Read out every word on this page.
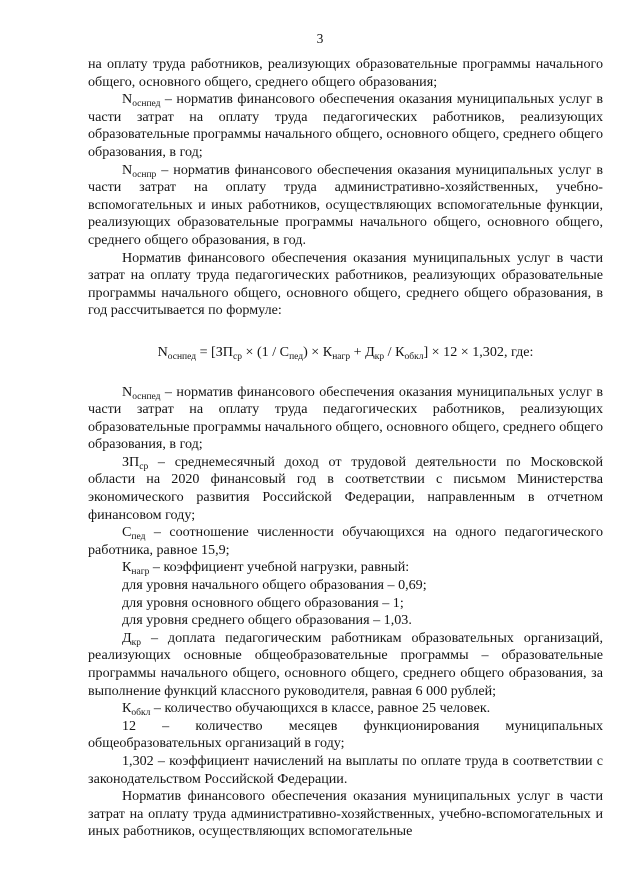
3

на оплату труда работников, реализующих образовательные программы начального общего, основного общего, среднего общего образования;

$N_{оснпед}$ – норматив финансового обеспечения оказания муниципальных услуг в части затрат на оплату труда педагогических работников, реализующих образовательные программы начального общего, основного общего, среднего общего образования, в год;

$N_{оснпр}$ – норматив финансового обеспечения оказания муниципальных услуг в части затрат на оплату труда административно-хозяйственных, учебно-вспомогательных и иных работников, осуществляющих вспомогательные функции, реализующих образовательные программы начального общего, основного общего, среднего общего образования, в год.

Норматив финансового обеспечения оказания муниципальных услуг в части затрат на оплату труда педагогических работников, реализующих образовательные программы начального общего, основного общего, среднего общего образования, в год рассчитывается по формуле:

$N_{оснпед} = [ЗП_{ср} \times (1 / С_{пед}) \times К_{нагр} + Д_{кр} / К_{обкл}] \times 12 \times 1,302$, где:

$N_{оснпед}$ – норматив финансового обеспечения оказания муниципальных услуг в части затрат на оплату труда педагогических работников, реализующих образовательные программы начального общего, основного общего, среднего общего образования, в год;

$ЗП_{ср}$ – среднемесячный доход от трудовой деятельности по Московской области на 2020 финансовый год в соответствии с письмом Министерства экономического развития Российской Федерации, направленным в отчетном финансовом году;

$С_{пед}$ – соотношение численности обучающихся на одного педагогического работника, равное 15,9;

$К_{нагр}$ – коэффициент учебной нагрузки, равный:

для уровня начального общего образования – 0,69;

для уровня основного общего образования – 1;

для уровня среднего общего образования – 1,03.

$Д_{кр}$ – доплата педагогическим работникам образовательных организаций, реализующих основные общеобразовательные программы – образовательные программы начального общего, основного общего, среднего общего образования, за выполнение функций классного руководителя, равная 6 000 рублей;

$К_{обкл}$ – количество обучающихся в классе, равное 25 человек.

12 – количество месяцев функционирования муниципальных общеобразовательных организаций в году;

1,302 – коэффициент начислений на выплаты по оплате труда в соответствии с законодательством Российской Федерации.

Норматив финансового обеспечения оказания муниципальных услуг в части затрат на оплату труда административно-хозяйственных, учебно-вспомогательных и иных работников, осуществляющих вспомогательные
